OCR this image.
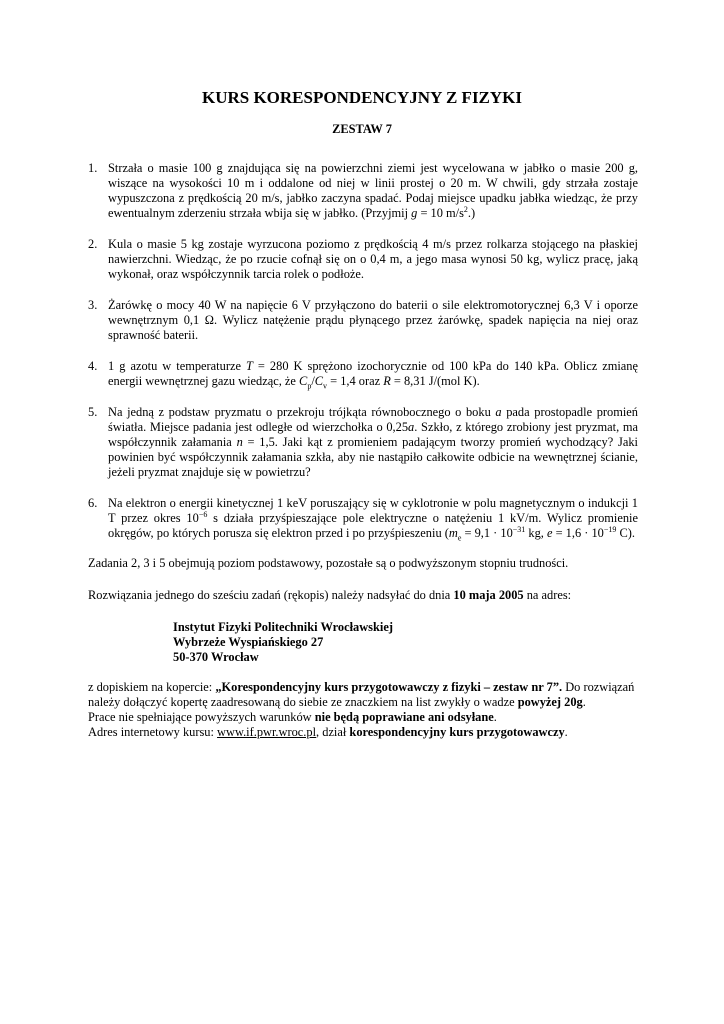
KURS KORESPONDENCYJNY Z FIZYKI
ZESTAW 7
1. Strzała o masie 100 g znajdująca się na powierzchni ziemi jest wycelowana w jabłko o masie 200 g, wiszące na wysokości 10 m i oddalone od niej w linii prostej o 20 m. W chwili, gdy strzała zostaje wypuszczona z prędkością 20 m/s, jabłko zaczyna spadać. Podaj miejsce upadku jabłka wiedząc, że przy ewentualnym zderzeniu strzała wbija się w jabłko. (Przyjmij g = 10 $m/s^2$.)

2. Kula o masie 5 kg zostaje wyrzucona poziomo z prędkością 4 m/s przez rolkarza stojącego na płaskiej nawierzchni. Wiedząc, że po rzucie cofnął się on o 0,4 m, a jego masa wynosi 50 kg, wylicz pracę, jaką wykonał, oraz współczynnik tarcia rolek o podłoże.

3. Żarówkę o mocy 40 W na napięcie 6 V przyłączono do baterii o sile elektromotorycznej 6,3 V i oporze wewnętrznym 0,1 Ω. Wylicz natężenie prądu płynącego przez żarówkę, spadek napięcia na niej oraz sprawność baterii.

4. 1 g azotu w temperaturze T = 280 K sprężono izochorycznie od 100 kPa do 140 kPa. Oblicz zmianę energii wewnętrznej gazu wiedząc, że $C_p/C_v = 1,4$ oraz R = 8,31 J/(mol K).

5. Na jedną z podstaw pryzmatu o przekroju trójkąta równobocznego o boku a pada prostopadle promień światła. Miejsce padania jest odległe od wierzchołka o 0,25a. Szkło, z którego zrobiony jest pryzmat, ma współczynnik załamania n = 1,5. Jaki kąt z promieniem padającym tworzy promień wychodzący? Jaki powinien być współczynnik załamania szkła, aby nie nastąpiło całkowite odbicie na wewnętrznej ścianie, jeżeli pryzmat znajduje się w powietrzu?

6. Na elektron o energii kinetycznej 1 keV poruszający się w cyklotronie w polu magnetycznym o indukcji 1 T przez okres $10^{-6}$ s działa przyśpieszające pole elektryczne o natężeniu 1 kV/m. Wylicz promienie okręgów, po których porusza się elektron przed i po przyśpieszeniu ($m_e = 9,1 \cdot 10^{-31}$ kg, $e = 1,6 \cdot 10^{-19}$ C).

Zadania 2, 3 i 5 obejmują poziom podstawowy, pozostałe są o podwyższonym stopniu trudności.

Rozwiązania jednego do sześciu zadań (rękopis) należy nadsyłać do dnia 10 maja 2005 na adres:

Instytut Fizyki Politechniki Wrocławskiej
Wybrzeże Wyspiańskiego 27
50-370 Wrocław

z dopiskiem na kopercie: „Korespondencyjny kurs przygotowawczy z fizyki – zestaw nr 7”. Do rozwiązań należy dołączyć kopertę zaadresowaną do siebie ze znaczkiem na list zwykły o wadze powyżej 20g.

Prace nie spełniające powyższych warunków nie będą poprawiane ani odsyłane.

Adres internetowy kursu: www.if.pwr.wroc.pl, dział korespondencyjny kurs przygotowawczy.
